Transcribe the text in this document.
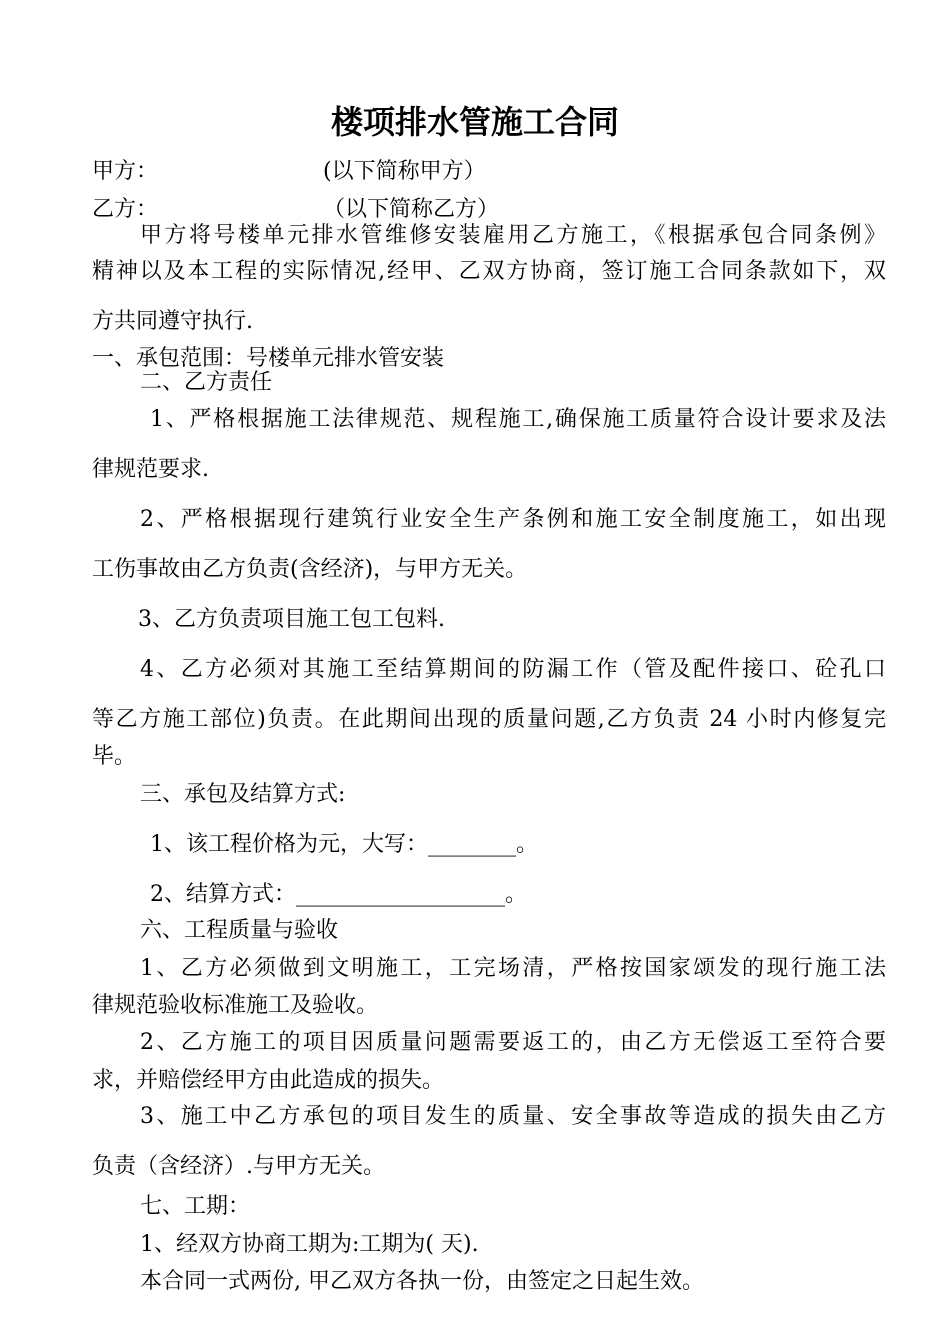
楼项排水管施工合同
甲方：	(以下简称甲方）
乙方：	（以下简称乙方）
甲方将号楼单元排水管维修安装雇用乙方施工，《根据承包合同条例》
精神以及本工程的实际情况,经甲、乙双方协商，签订施工合同条款如下，双
方共同遵守执行.
一、承包范围：号楼单元排水管安装
二、乙方责任
1、严格根据施工法律规范、规程施工,确保施工质量符合设计要求及法
律规范要求.
2、严格根据现行建筑行业安全生产条例和施工安全制度施工，如出现
工伤事故由乙方负责(含经济)，与甲方无关。
3、乙方负责项目施工包工包料.
4、乙方必须对其施工至结算期间的防漏工作（管及配件接口、砼孔口
等乙方施工部位)负责。在此期间出现的质量问题,乙方负责 24 小时内修复完
毕。
三、承包及结算方式:
1、该工程价格为元，大写：________。
2、结算方式：___________________。
六、工程质量与验收
1、乙方必须做到文明施工，工完场清，严格按国家颂发的现行施工法
律规范验收标准施工及验收。
2、乙方施工的项目因质量问题需要返工的，由乙方无偿返工至符合要
求，并赔偿经甲方由此造成的损失。
3、施工中乙方承包的项目发生的质量、安全事故等造成的损失由乙方
负责（含经济）.与甲方无关。
七、工期：
1、经双方协商工期为:工期为( 天).
本合同一式两份, 甲乙双方各执一份，由签定之日起生效。
